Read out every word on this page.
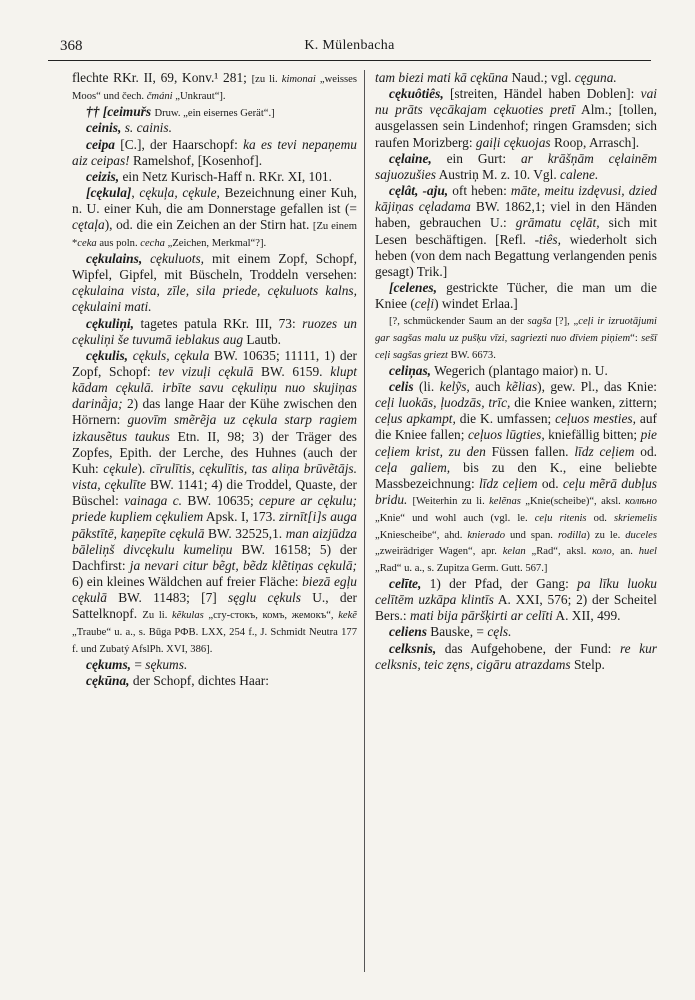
368	K. Mülenbacha

flechte RKr. II, 69, Konv.¹ 281; [zu li. kimonai „weisses Moos“ und čech. čmáni „Unkraut“].

†† [ceimuřs Druw. „ein eisernes Gerät“.]

ceinis, s. cainis.

ceipa [C.], der Haarschopf: ka es tevi nepaņemu aiz ceipas! Ramelshof, [Kosenhof].

ceizis, ein Netz Kurisch-Haff n. RKr. XI, 101.

[cękula], cękuļa, cękule, Bezeichnung einer Kuh, n. U. einer Kuh, die am Donnerstage gefallen ist (= cętaļa), od. die ein Zeichen an der Stirn hat. [Zu einem *ceka aus poln. cecha „Zeichen, Merkmal“?].

cękulains, cękuluots, mit einem Zopf, Schopf, Wipfel, Gipfel, mit Büscheln, Troddeln versehen: cękulaina vista, zīle, sila priede, cękuluots kalns, cękulaini mati.

cękuliņi, tagetes patula RKr. III, 73: ruozes un cękuliņi še tuvumā ieblakus aug Lautb.

cękulis, cękuls, cękula BW. 10635; 11111, 1) der Zopf, Schopf: tev vizuļi cękulā BW. 6159. klupt kādam cękulā. irbīte savu cękuliņu nuo skujiņas darinā̀ja; 2) das lange Haar der Kühe zwischen den Hörnern: guovīm smẽrẽja uz cękula starp ragiem izkausẽtus taukus Etn. II, 98; 3) der Träger des Zopfes, Epith. der Lerche, des Huhnes (auch der Kuh: cękule). cīrulītis, cękulītis, tas aliņa brūvẽtājs. vista, cękulīte BW. 1141; 4) die Troddel, Quaste, der Büschel: vainaga c. BW. 10635; cepure ar cękulu; priede kupliem cękuliem Apsk. I, 173. zirnīt[i]s auga pākstītē, kaņepīte cękulā BW. 32525,1. man aizjūdza bāleliņš divcękulu kumeliņu BW. 16158; 5) der Dachfirst: ja nevari citur bẽgt, bẽdz klẽtiņas cękulā; 6) ein kleines Wäldchen auf freier Fläche: biezā egļu cękulā BW. 11483; [7] sęglu cękuls U., der Sattelknopf. Zu li. kẽkulas „cry-стокъ, комъ, жемокъ“, kekẽ „Traube“ u. a., s. Būga РФВ. LXX, 254 f., J. Schmidt Neutra 177 f. und Zubatý AfslPh. XVI, 386].

cękums, = sękums.

cękūna, der Schopf, dichtes Haar:

tam biezi mati kā cękūna Naud.; vgl. cęguna.

cękuôtiês, [streiten, Händel haben Doblen]: vai nu prāts vęcākajam cękuoties pretī Alm.; [tollen, ausgelassen sein Lindenhof; ringen Gramsden; sich raufen Morizberg: gaiļi cękuojas Roop, Arrasch].

cęlaine, ein Gurt: ar krāšņām cęlainēm sajuozušies Austriņ M. z. 10. Vgl. calene.

cęlât, -aju, oft heben: māte, meitu izdęvusi, dzied kājiņas cęladama BW. 1862,1; viel in den Händen haben, gebrauchen U.: grāmatu cęlāt, sich mit Lesen beschäftigen. [Refl. -tiês, wiederholt sich heben (von dem nach Begattung verlangenden penis gesagt) Trik.]

[celenes, gestrickte Tücher, die man um die Kniee (ceļi) windet Erlaa.]

[?, schmückender Saum an der sagša [?], „ceļi ir izruotājumi gar sagšas malu uz pušķu vīzi, sagriezti nuo dīviem piņiem“: sešī ceļi sagšas griezt BW. 6673.

celiņas, Wegerich (plantago maior) n. U.

celis (li. kelỹs, auch kẽlias), gew. Pl., das Knie: ceļi luokās, ļuodzās, trīc, die Kniee wanken, zittern; ceļus apkampt, die K. umfassen; ceļuos mesties, auf die Kniee fallen; ceļuos lūgties, kniefällig bitten; pie ceļiem krist, zu den Füssen fallen. līdz ceļiem od. ceļa galiem, bis zu den K., eine beliebte Massbezeichnung: līdz ceļiem od. ceļu mẽrā dubļus bridu. [Weiterhin zu li. kelẽnas „Knie(scheibe)“, aksl. колѣно „Knie“ und wohl auch (vgl. le. ceļu ritenis od. skriemelis „Kniescheibe“, ahd. knierado und span. rodilla) zu le. duceles „zweirädriger Wagen“, apr. kelan „Rad“, aksl. коло, an. huel „Rad“ u. a., s. Zupitza Germ. Gutt. 567.]

celīte, 1) der Pfad, der Gang: pa līku luoku celītēm uzkāpa klintīs A. XXI, 576; 2) der Scheitel Bers.: mati bija pāršķirti ar celīti A. XII, 499.

celiens Bauske, = cęls.

celksnis, das Aufgehobene, der Fund: re kur celksnis, teic zęns, cigāru atrazdams Stelp.
